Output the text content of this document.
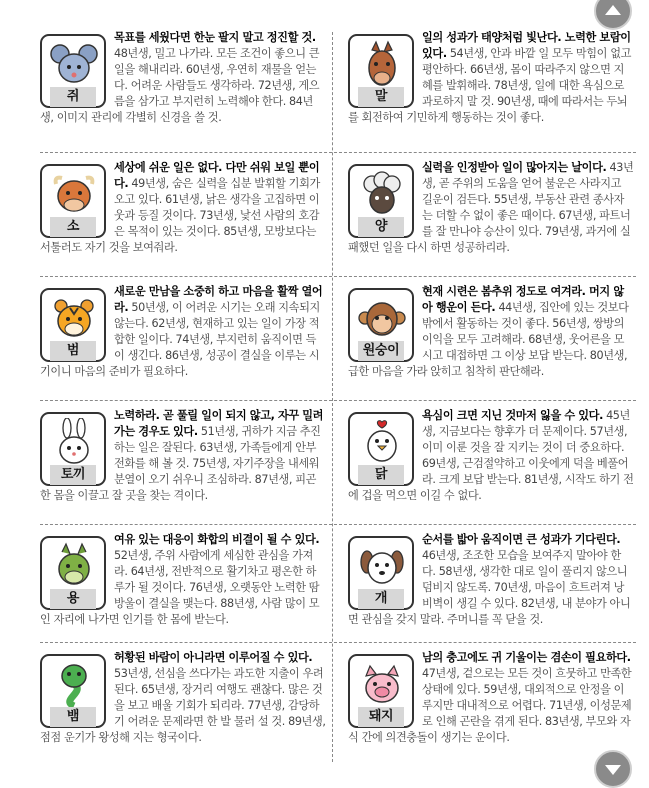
쥐

목표를 세웠다면 한눈 팔지 말고 정진할 것. 48년생, 밀고 나가라. 모든 조건이 좋으니 큰 일을 해내리라. 60년생, 우연히 재물을 얻는다. 어려운 사람들도 생각하라. 72년생, 게으름을 삼가고 부지런히 노력해야 한다. 84년생, 이미지 관리에 각별히 신경을 쓸 것.

말

일의 성과가 태양처럼 빛난다. 노력한 보람이 있다. 54년생, 안과 바깥 일 모두 막힘이 없고 평안하다. 66년생, 몸이 따라주지 않으면 지혜를 발휘해라. 78년생, 일에 대한 욕심으로 과로하지 말 것. 90년생, 때에 따라서는 두뇌를 회전하여 기민하게 행동하는 것이 좋다.

소

세상에 쉬운 일은 없다. 다만 쉬워 보일 뿐이다. 49년생, 숨은 실력을 십분 발휘할 기회가 오고 있다. 61년생, 낡은 생각을 고집하면 이웃과 등질 것이다. 73년생, 낯선 사람의 호감은 목적이 있는 것이다. 85년생, 모방보다는 서툴러도 자기 것을 보여줘라.

양

실력을 인정받아 일이 많아지는 날이다. 43년생, 곧 주위의 도움을 얻어 불운은 사라지고 길운이 검든다. 55년생, 부동산 관련 종사자는 더할 수 없이 좋은 때이다. 67년생, 파트너를 잘 만나야 승산이 있다. 79년생, 과거에 실패했던 일을 다시 하면 성공하리라.

범

새로운 만남을 소중히 하고 마음을 활짝 열어라. 50년생, 이 어려운 시기는 오래 지속되지 않는다. 62년생, 현재하고 있는 일이 가장 적합한 일이다. 74년생, 부지런히 움직이면 득이 생긴다. 86년생, 성공이 결실을 이루는 시기이니 마음의 준비가 필요하다.

원숭이

현재 시련은 봄추위 정도로 여겨라. 머지 않아 행운이 든다. 44년생, 집안에 있는 것보다 밖에서 활동하는 것이 좋다. 56년생, 쌍방의 이익을 모두 고려해라. 68년생, 웃어른을 모시고 대접하면 그 이상 보답 받는다. 80년생, 급한 마음을 가라 앉히고 침착히 판단해라.

토끼

노력하라. 곧 풀릴 일이 되지 않고, 자꾸 밀려가는 경우도 있다. 51년생, 귀하가 지금 추진하는 일은 잘된다. 63년생, 가족들에게 안부 전화를 해 볼 것. 75년생, 자기주장을 내세워 분열이 오기 쉬우니 조심하라. 87년생, 피곤한 몸을 이끌고 잘 곳을 찾는 격이다.

닭

욕심이 크면 지닌 것마저 잃을 수 있다. 45년생, 지금보다는 향후가 더 문제이다. 57년생, 이미 이룬 것을 잘 지키는 것이 더 중요하다. 69년생, 근검절약하고 이웃에게 덕을 베풀어라. 크게 보답 받는다. 81년생, 시작도 하기 전에 겁을 먹으면 이길 수 없다.

용

여유 있는 대응이 화합의 비결이 될 수 있다. 52년생, 주위 사람에게 세심한 관심을 가져라. 64년생, 전반적으로 활기차고 평온한 하루가 될 것이다. 76년생, 오랫동안 노력한 땀방울이 결실을 맺는다. 88년생, 사람 많이 모인 자리에 나가면 인기를 한 몸에 받는다.

개

순서를 밟아 움직이면 큰 성과가 기다린다. 46년생, 조조한 모습을 보여주지 말아야 한다. 58년생, 생각한 대로 일이 풀리지 않으니 덤비지 않도록. 70년생, 마음이 흐트러져 낭비벽이 생길 수 있다. 82년생, 내 분야가 아니면 관심을 갖지 말라. 주머니를 꼭 닫을 것.

뱀

허황된 바람이 아니라면 이루어질 수 있다. 53년생, 선심을 쓰다가는 과도한 지출이 우려된다. 65년생, 장거리 여행도 괜찮다. 많은 것을 보고 배울 기회가 되리라. 77년생, 감당하기 어려운 문제라면 한 발 물러 설 것. 89년생, 점점 운기가 왕성해 지는 형국이다.

돼지

남의 충고에도 귀 기울이는 겸손이 필요하다. 47년생, 겉으로는 모든 것이 흐뭇하고 만족한 상태에 있다. 59년생, 대외적으로 안정을 이루지만 대내적으로 어렵다. 71년생, 이성문제로 인해 곤란을 겪게 된다. 83년생, 부모와 자식 간에 의견충돌이 생기는 운이다.
